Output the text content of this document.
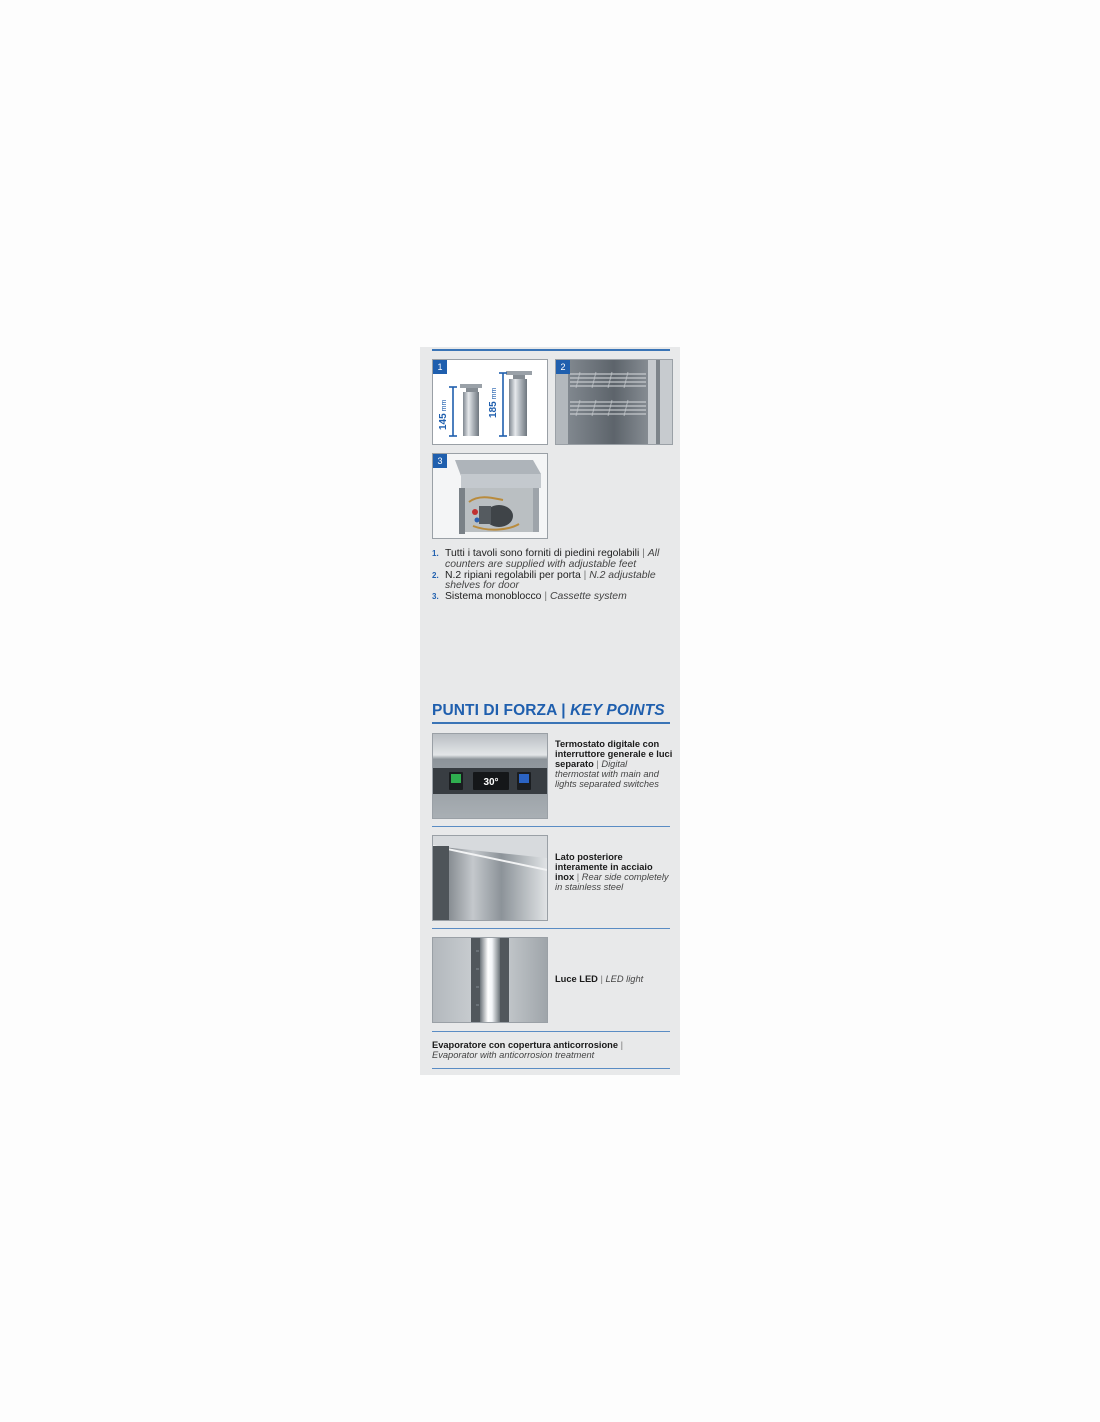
1
145mm	185mm
2
3
1. Tutti i tavoli sono forniti di piedini regolabili | All counters are supplied with adjustable feet
2. N.2 ripiani regolabili per porta | N.2 adjustable shelves for door
3. Sistema monoblocco | Cassette system
PUNTI DI FORZA | KEY POINTS
30°
Termostato digitale con interruttore generale e luci separato | Digital thermostat with main and lights separated switches
Lato posteriore interamente in acciaio inox | Rear side completely in stainless steel
Luce LED | LED light
Evaporatore con copertura anticorrosione |
Evaporator with anticorrosion treatment
